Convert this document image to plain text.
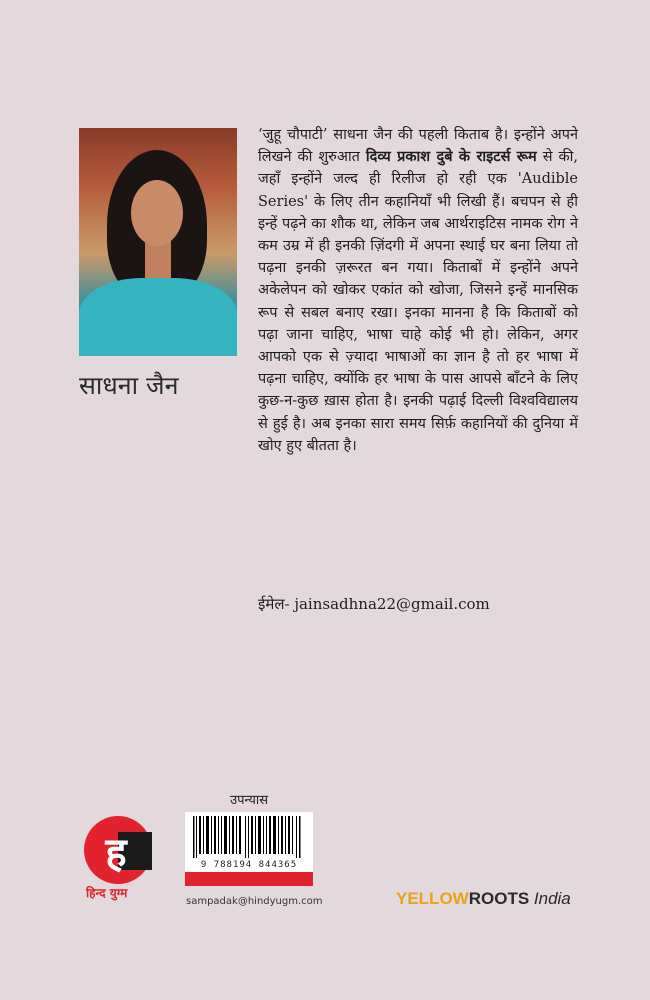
साधना जैन
‘जुहू चौपाटी’ साधना जैन की पहली किताब है। इन्होंने अपने लिखने की शुरुआत दिव्य प्रकाश दुबे के राइटर्स रूम से की, जहाँ इन्होंने जल्द ही रिलीज हो रही एक 'Audible Series' के लिए तीन कहानियाँ भी लिखी हैं। बचपन से ही इन्हें पढ़ने का शौक था, लेकिन जब आर्थराइटिस नामक रोग ने कम उम्र में ही इनकी ज़िंदगी में अपना स्थाई घर बना लिया तो पढ़ना इनकी ज़रूरत बन गया। किताबों में इन्होंने अपने अकेलेपन को खोकर एकांत को खोजा, जिसने इन्हें मानसिक रूप से सबल बनाए रखा। इनका मानना है कि किताबों को पढ़ा जाना चाहिए, भाषा चाहे कोई भी हो। लेकिन, अगर आपको एक से ज़्यादा भाषाओं का ज्ञान है तो हर भाषा में पढ़ना चाहिए, क्योंकि हर भाषा के पास आपसे बाँटने के लिए कुछ-न-कुछ ख़ास होता है। इनकी पढ़ाई दिल्ली विश्वविद्यालय से हुई है। अब इनका सारा समय सिर्फ़ कहानियों की दुनिया में खोए हुए बीतता है।
ईमेल- jainsadhna22@gmail.com
उपन्यास
9 788194 844365
sampadak@hindyugm.com
ह
हिन्द युग्म	YELLOWROOTS India
